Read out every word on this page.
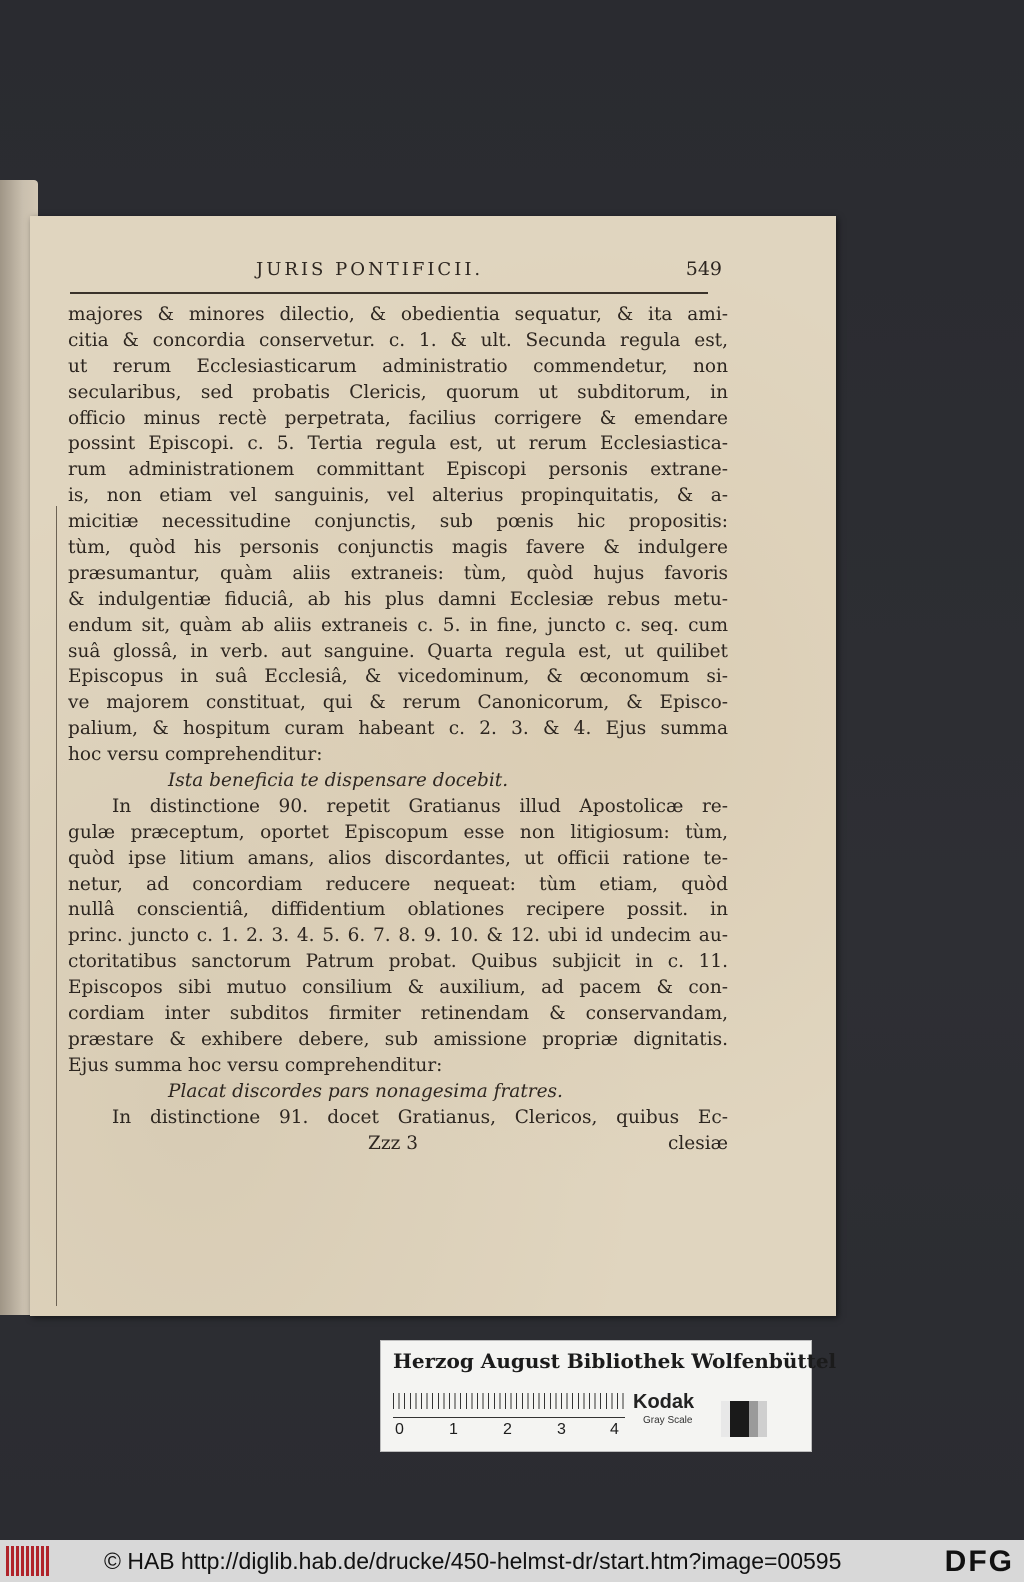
JURIS PONTIFICII.	549
majores & minores dilectio, & obedientia sequatur, & ita ami-
citia & concordia conservetur. c. 1. & ult. Secunda regula est,
ut rerum Ecclesiasticarum administratio commendetur, non
secularibus, sed probatis Clericis, quorum ut subditorum, in
officio minus rectè perpetrata, facilius corrigere & emendare
possint Episcopi. c. 5. Tertia regula est, ut rerum Ecclesiastica-
rum administrationem committant Episcopi personis extrane-
is, non etiam vel sanguinis, vel alterius propinquitatis, & a-
micitiæ necessitudine conjunctis, sub pœnis hic propositis:
tùm, quòd his personis conjunctis magis favere & indulgere
præsumantur, quàm aliis extraneis: tùm, quòd hujus favoris
& indulgentiæ fiduciâ, ab his plus damni Ecclesiæ rebus metu-
endum sit, quàm ab aliis extraneis c. 5. in fine, juncto c. seq. cum
suâ glossâ, in verb. aut sanguine. Quarta regula est, ut quilibet
Episcopus in suâ Ecclesiâ, & vicedominum, & œconomum si-
ve majorem constituat, qui & rerum Canonicorum, & Episco-
palium, & hospitum curam habeant c. 2. 3. & 4. Ejus summa
hoc versu comprehenditur:
Ista beneficia te dispensare docebit.
In distinctione 90. repetit Gratianus illud Apostolicæ re-
gulæ præceptum, oportet Episcopum esse non litigiosum: tùm,
quòd ipse litium amans, alios discordantes, ut officii ratione te-
netur, ad concordiam reducere nequeat: tùm etiam, quòd
nullâ conscientiâ, diffidentium oblationes recipere possit. in
princ. juncto c. 1. 2. 3. 4. 5. 6. 7. 8. 9. 10. & 12. ubi id undecim au-
ctoritatibus sanctorum Patrum probat. Quibus subjicit in c. 11.
Episcopos sibi mutuo consilium & auxilium, ad pacem & con-
cordiam inter subditos firmiter retinendam & conservandam,
præstare & exhibere debere, sub amissione propriæ dignitatis.
Ejus summa hoc versu comprehenditur:
Placat discordes pars nonagesima fratres.
In distinctione 91. docet Gratianus, Clericos, quibus Ec-
Zzz 3	clesiæ
Herzog August Bibliothek Wolfenbüttel
0	1	2	3	4
Kodak
Gray Scale
© HAB http://diglib.hab.de/drucke/450-helmst-dr/start.htm?image=00595	DFG
